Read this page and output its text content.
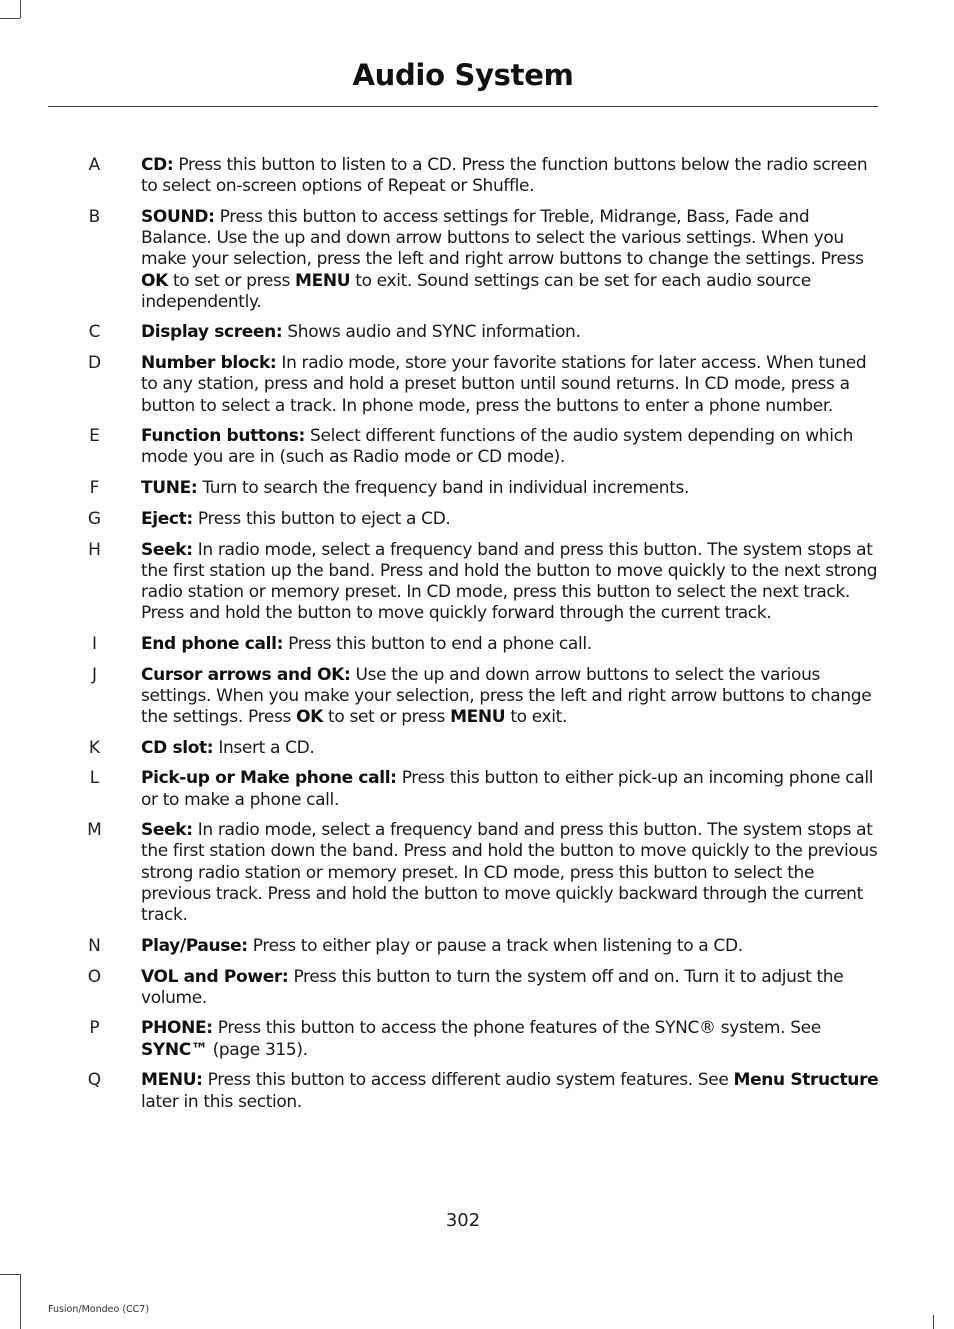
Audio System
A	CD: Press this button to listen to a CD. Press the function buttons below the radio screen to select on-screen options of Repeat or Shuffle.
B	SOUND: Press this button to access settings for Treble, Midrange, Bass, Fade and Balance. Use the up and down arrow buttons to select the various settings. When you make your selection, press the left and right arrow buttons to change the settings. Press OK to set or press MENU to exit. Sound settings can be set for each audio source independently.
C	Display screen: Shows audio and SYNC information.
D	Number block: In radio mode, store your favorite stations for later access. When tuned to any station, press and hold a preset button until sound returns. In CD mode, press a button to select a track. In phone mode, press the buttons to enter a phone number.
E	Function buttons: Select different functions of the audio system depending on which mode you are in (such as Radio mode or CD mode).
F	TUNE: Turn to search the frequency band in individual increments.
G	Eject: Press this button to eject a CD.
H	Seek: In radio mode, select a frequency band and press this button. The system stops at the first station up the band. Press and hold the button to move quickly to the next strong radio station or memory preset. In CD mode, press this button to select the next track. Press and hold the button to move quickly forward through the current track.
I	End phone call: Press this button to end a phone call.
J	Cursor arrows and OK: Use the up and down arrow buttons to select the various settings. When you make your selection, press the left and right arrow buttons to change the settings. Press OK to set or press MENU to exit.
K	CD slot: Insert a CD.
L	Pick-up or Make phone call: Press this button to either pick-up an incoming phone call or to make a phone call.
M	Seek: In radio mode, select a frequency band and press this button. The system stops at the first station down the band. Press and hold the button to move quickly to the previous strong radio station or memory preset. In CD mode, press this button to select the previous track. Press and hold the button to move quickly backward through the current track.
N	Play/Pause: Press to either play or pause a track when listening to a CD.
O	VOL and Power: Press this button to turn the system off and on. Turn it to adjust the volume.
P	PHONE: Press this button to access the phone features of the SYNC® system. See SYNC™ (page 315).
Q	MENU: Press this button to access different audio system features. See Menu Structure later in this section.
302
Fusion/Mondeo (CC7)
